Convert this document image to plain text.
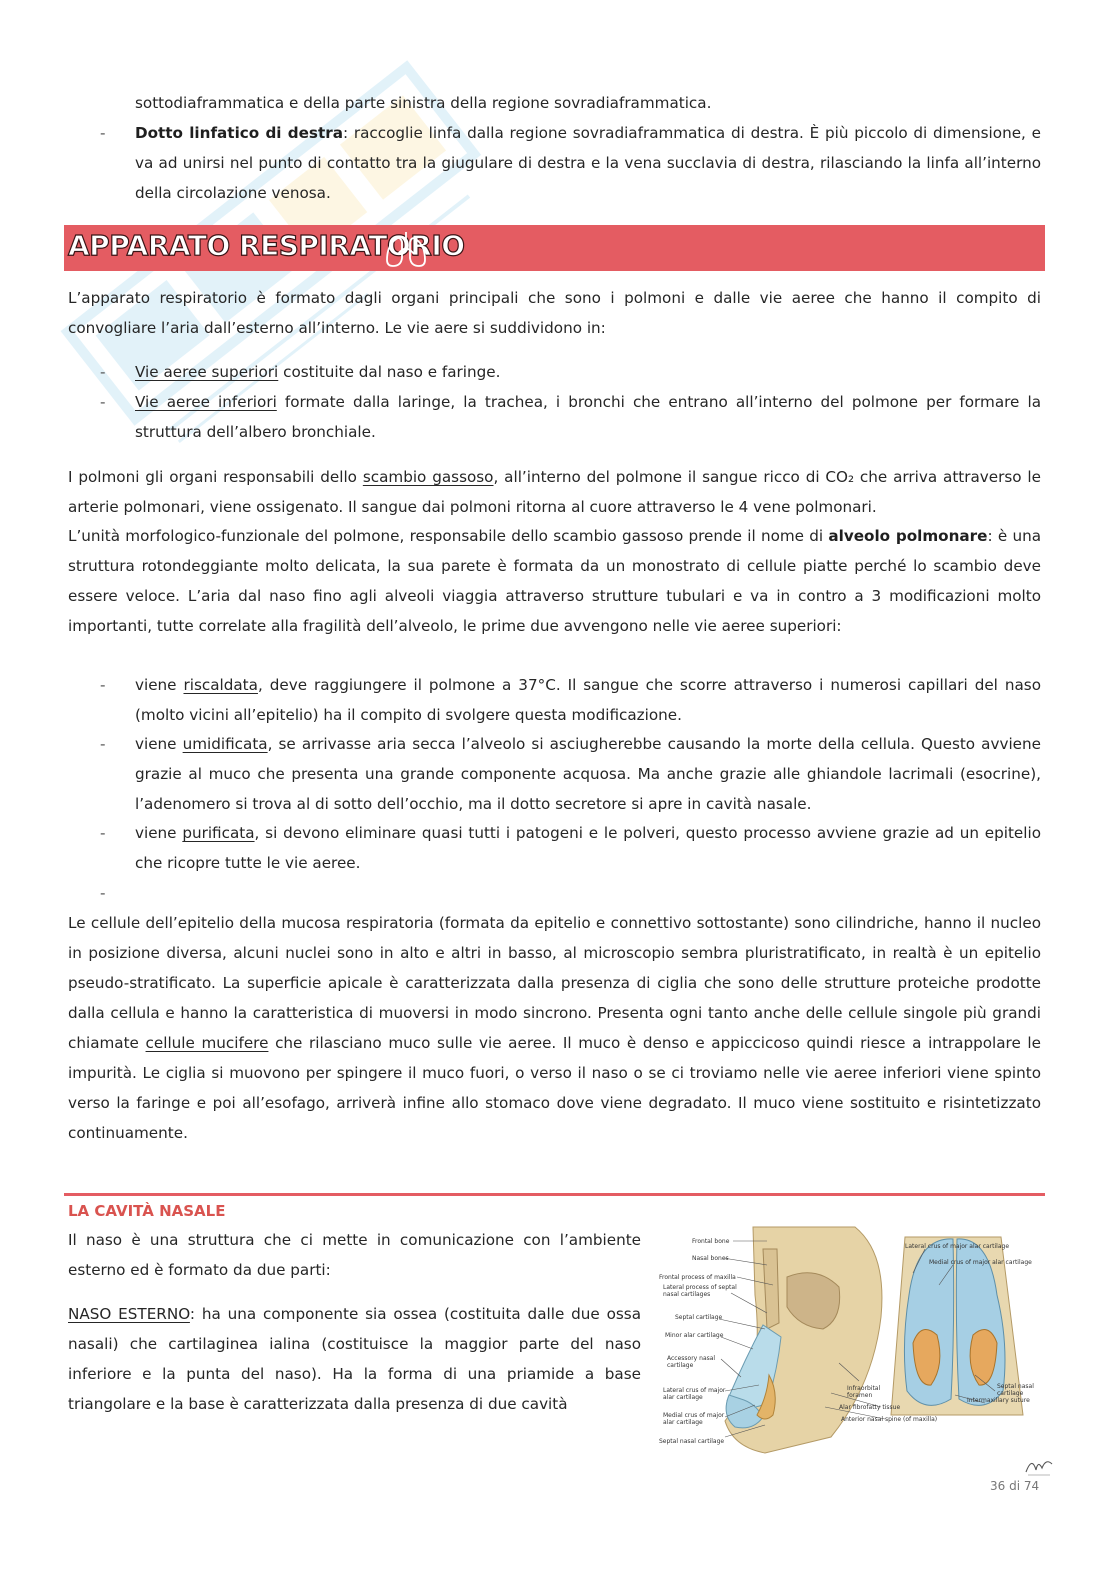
sottodiaframmatica e della parte sinistra della regione sovradiaframmatica.
- Dotto linfatico di destra: raccoglie linfa dalla regione sovradiaframmatica di destra. È più piccolo di dimensione, e va ad unirsi nel punto di contatto tra la giugulare di destra e la vena succlavia di destra, rilasciando la linfa all’interno della circolazione venosa.
APPARATO RESPIRATORIO
L’apparato respiratorio è formato dagli organi principali che sono i polmoni e dalle vie aeree che hanno il compito di convogliare l’aria dall’esterno all’interno. Le vie aere si suddividono in:
- Vie aeree superiori costituite dal naso e faringe.
- Vie aeree inferiori formate dalla laringe, la trachea, i bronchi che entrano all’interno del polmone per formare la struttura dell’albero bronchiale.
I polmoni gli organi responsabili dello scambio gassoso, all’interno del polmone il sangue ricco di CO₂ che arriva attraverso le arterie polmonari, viene ossigenato. Il sangue dai polmoni ritorna al cuore attraverso le 4 vene polmonari.
L’unità morfologico-funzionale del polmone, responsabile dello scambio gassoso prende il nome di alveolo polmonare: è una struttura rotondeggiante molto delicata, la sua parete è formata da un monostrato di cellule piatte perché lo scambio deve essere veloce. L’aria dal naso fino agli alveoli viaggia attraverso strutture tubulari e va in contro a 3 modificazioni molto importanti, tutte correlate alla fragilità dell’alveolo, le prime due avvengono nelle vie aeree superiori:
- viene riscaldata, deve raggiungere il polmone a 37°C. Il sangue che scorre attraverso i numerosi capillari del naso (molto vicini all’epitelio) ha il compito di svolgere questa modificazione.
- viene umidificata, se arrivasse aria secca l’alveolo si asciugherebbe causando la morte della cellula. Questo avviene grazie al muco che presenta una grande componente acquosa. Ma anche grazie alle ghiandole lacrimali (esocrine), l’adenomero si trova al di sotto dell’occhio, ma il dotto secretore si apre in cavità nasale.
- viene purificata, si devono eliminare quasi tutti i patogeni e le polveri, questo processo avviene grazie ad un epitelio che ricopre tutte le vie aeree.
-
Le cellule dell’epitelio della mucosa respiratoria (formata da epitelio e connettivo sottostante) sono cilindriche, hanno il nucleo in posizione diversa, alcuni nuclei sono in alto e altri in basso, al microscopio sembra pluristratificato, in realtà è un epitelio pseudo-stratificato. La superficie apicale è caratterizzata dalla presenza di ciglia che sono delle strutture proteiche prodotte dalla cellula e hanno la caratteristica di muoversi in modo sincrono. Presenta ogni tanto anche delle cellule singole più grandi chiamate cellule mucifere che rilasciano muco sulle vie aeree. Il muco è denso e appiccicoso quindi riesce a intrappolare le impurità. Le ciglia si muovono per spingere il muco fuori, o verso il naso o se ci troviamo nelle vie aeree inferiori viene spinto verso la faringe e poi all’esofago, arriverà infine allo stomaco dove viene degradato. Il muco viene sostituito e risintetizzato continuamente.
LA CAVITÀ NASALE
Il naso è una struttura che ci mette in comunicazione con l’ambiente esterno ed è formato da due parti:
NASO ESTERNO: ha una componente sia ossea (costituita dalle due ossa nasali) che cartilaginea ialina (costituisce la maggior parte del naso inferiore e la punta del naso). Ha la forma di una priamide a base triangolare e la base è caratterizzata dalla presenza di due cavità
Frontal bone
Nasal bones
Frontal process of maxilla
Lateral process of septal nasal cartilages
Septal cartilage
Minor alar cartilage
Accessory nasal cartilage
Lateral crus of major alar cartilage
Medial crus of major alar cartilage
Septal nasal cartilage
Lateral crus of major alar cartilage
Medial crus of major alar cartilage
Septal nasal cartilage
Intermaxillary suture
Infraorbital foramen
Alar fibrofatty tissue
Anterior nasal spine (of maxilla)
36 di 74
